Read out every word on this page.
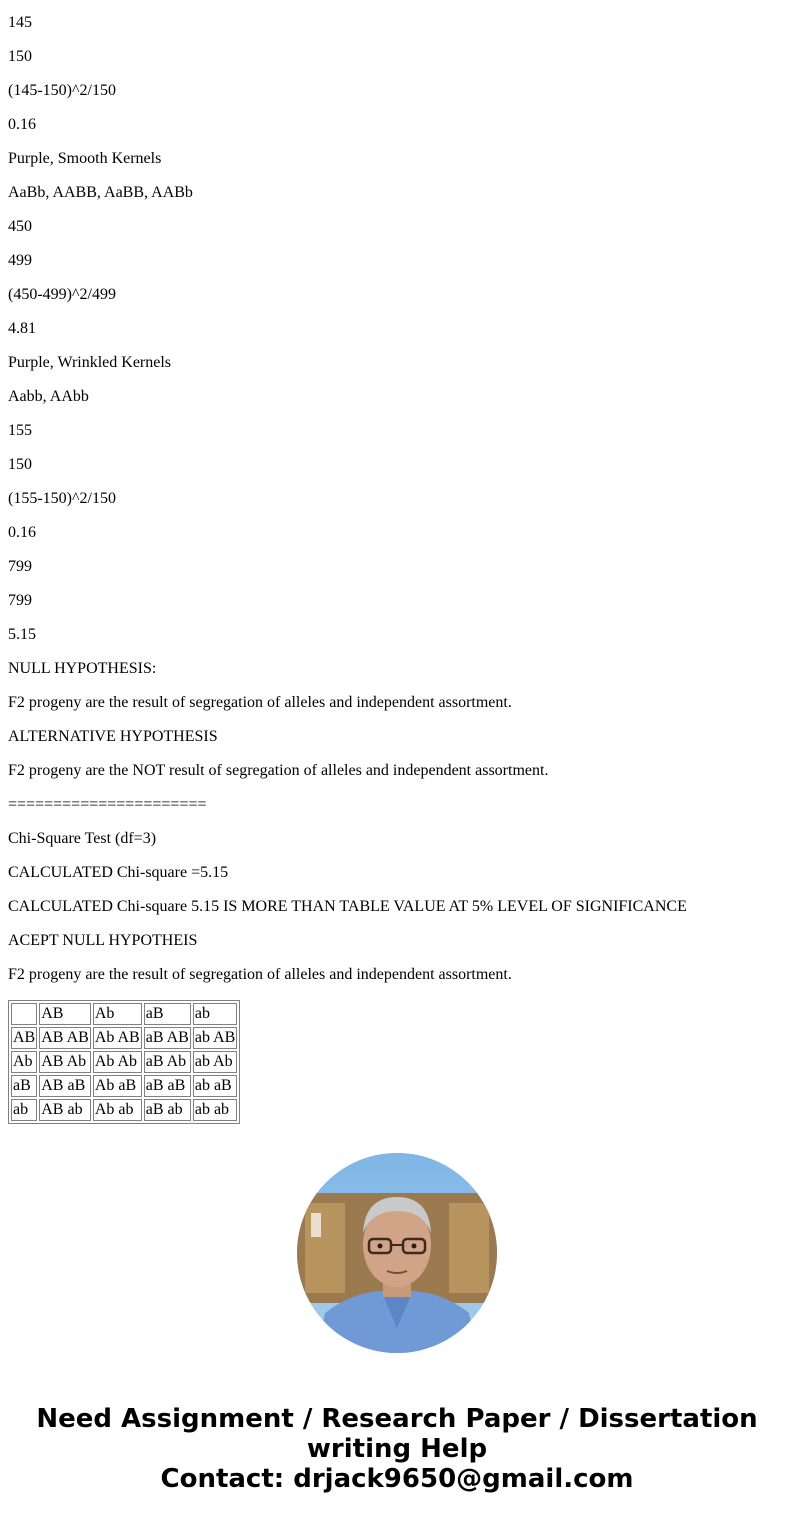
145
150
(145-150)^2/150
0.16
Purple, Smooth Kernels
AaBb, AABB, AaBB, AABb
450
499
(450-499)^2/499
4.81
Purple, Wrinkled Kernels
Aabb, AAbb
155
150
(155-150)^2/150
0.16
799
799
5.15
NULL HYPOTHESIS:
F2 progeny are the result of segregation of alleles and independent assortment.
ALTERNATIVE HYPOTHESIS
F2 progeny are the NOT result of segregation of alleles and independent assortment.
======================
Chi-Square Test (df=3)
CALCULATED Chi-square =5.15
CALCULATED Chi-square 5.15 IS MORE THAN TABLE VALUE AT 5% LEVEL OF SIGNIFICANCE
ACEPT NULL HYPOTHEIS
F2 progeny are the result of segregation of alleles and independent assortment.
	AB	Ab	aB	ab
AB	AB AB	Ab AB	aB AB	ab AB
Ab	AB Ab	Ab Ab	aB Ab	ab Ab
aB	AB aB	Ab aB	aB aB	ab aB
ab	AB ab	Ab ab	aB ab	ab ab
Need Assignment / Research Paper / Dissertation
writing Help
Contact: drjack9650@gmail.com
